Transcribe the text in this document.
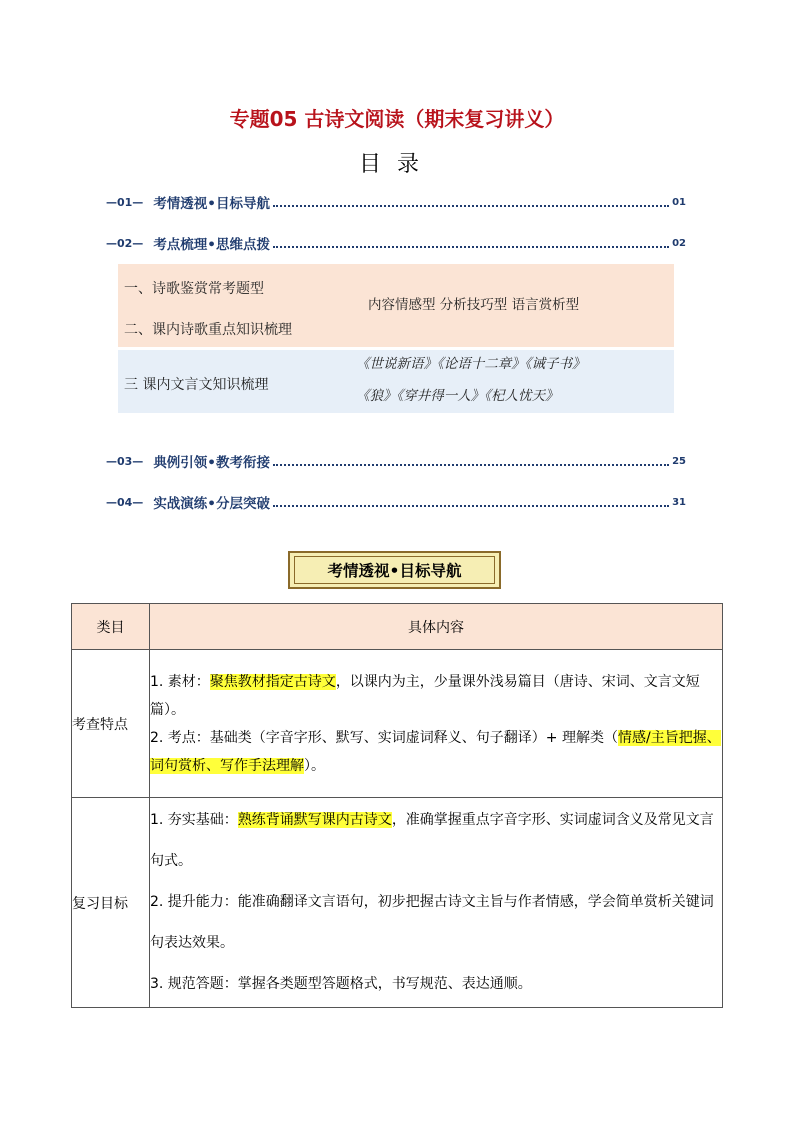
专题05 古诗文阅读（期末复习讲义）
目录
—01— 考情透视•目标导航	01
—02— 考点梳理•思维点拨	02
一、诗歌鉴赏常考题型
二、课内诗歌重点知识梳理
内容情感型 分析技巧型 语言赏析型
三 课内文言文知识梳理
《世说新语》《论语十二章》《诫子书》
《狼》《穿井得一人》《杞人忧天》
—03— 典例引领•教考衔接	25
—04— 实战演练•分层突破	31
考情透视•目标导航
类目	具体内容
考查特点	1. 素材：聚焦教材指定古诗文，以课内为主，少量课外浅易篇目（唐诗、宋词、文言文短篇）。
2. 考点：基础类（字音字形、默写、实词虚词释义、句子翻译）+ 理解类（情感/主旨把握、词句赏析、写作手法理解）。

复习目标	1. 夯实基础：熟练背诵默写课内古诗文，准确掌握重点字音字形、实词虚词含义及常见文言句式。
2. 提升能力：能准确翻译文言语句，初步把握古诗文主旨与作者情感，学会简单赏析关键词句表达效果。
3. 规范答题：掌握各类题型答题格式，书写规范、表达通顺。
